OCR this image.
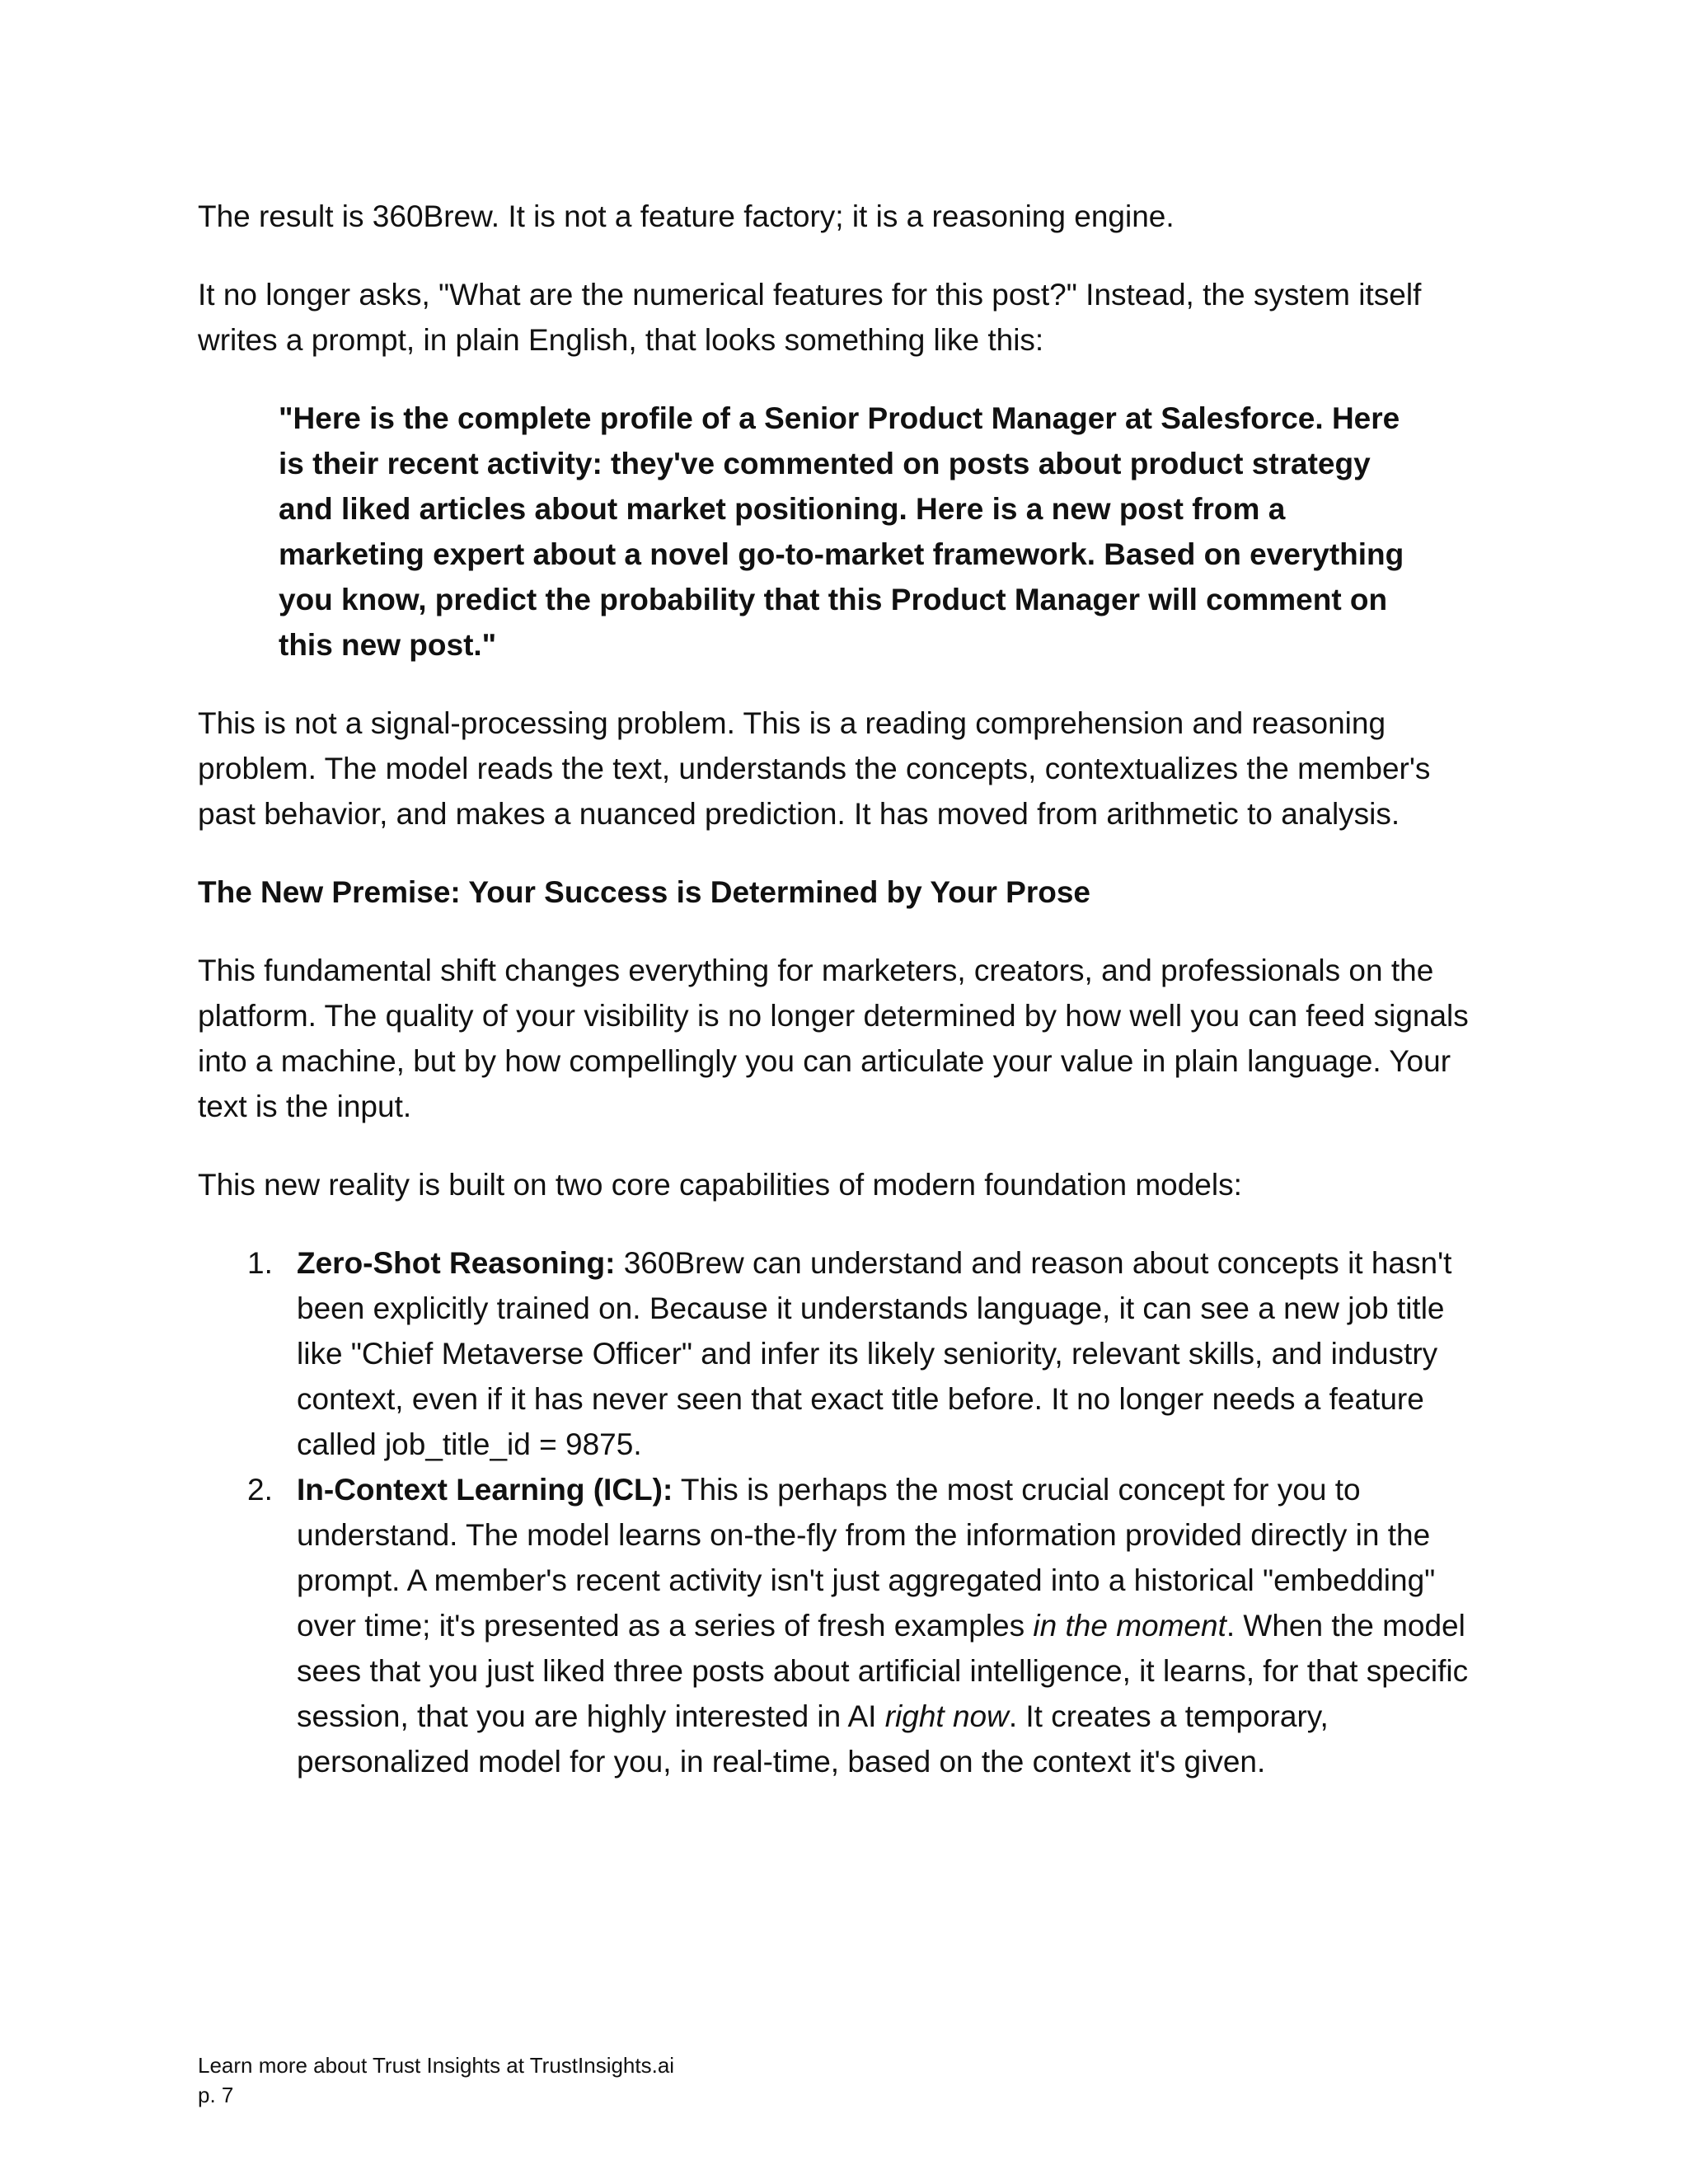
The result is 360Brew. It is not a feature factory; it is a reasoning engine.

It no longer asks, "What are the numerical features for this post?" Instead, the system itself writes a prompt, in plain English, that looks something like this:

"Here is the complete profile of a Senior Product Manager at Salesforce. Here is their recent activity: they've commented on posts about product strategy and liked articles about market positioning. Here is a new post from a marketing expert about a novel go-to-market framework. Based on everything you know, predict the probability that this Product Manager will comment on this new post."

This is not a signal-processing problem. This is a reading comprehension and reasoning problem. The model reads the text, understands the concepts, contextualizes the member's past behavior, and makes a nuanced prediction. It has moved from arithmetic to analysis.

The New Premise: Your Success is Determined by Your Prose

This fundamental shift changes everything for marketers, creators, and professionals on the platform. The quality of your visibility is no longer determined by how well you can feed signals into a machine, but by how compellingly you can articulate your value in plain language. Your text is the input.

This new reality is built on two core capabilities of modern foundation models:

1. Zero-Shot Reasoning: 360Brew can understand and reason about concepts it hasn't been explicitly trained on. Because it understands language, it can see a new job title like "Chief Metaverse Officer" and infer its likely seniority, relevant skills, and industry context, even if it has never seen that exact title before. It no longer needs a feature called job_title_id = 9875.
2. In-Context Learning (ICL): This is perhaps the most crucial concept for you to understand. The model learns on-the-fly from the information provided directly in the prompt. A member's recent activity isn't just aggregated into a historical "embedding" over time; it's presented as a series of fresh examples in the moment. When the model sees that you just liked three posts about artificial intelligence, it learns, for that specific session, that you are highly interested in AI right now. It creates a temporary, personalized model for you, in real-time, based on the context it's given.
Learn more about Trust Insights at TrustInsights.ai
p. 7
